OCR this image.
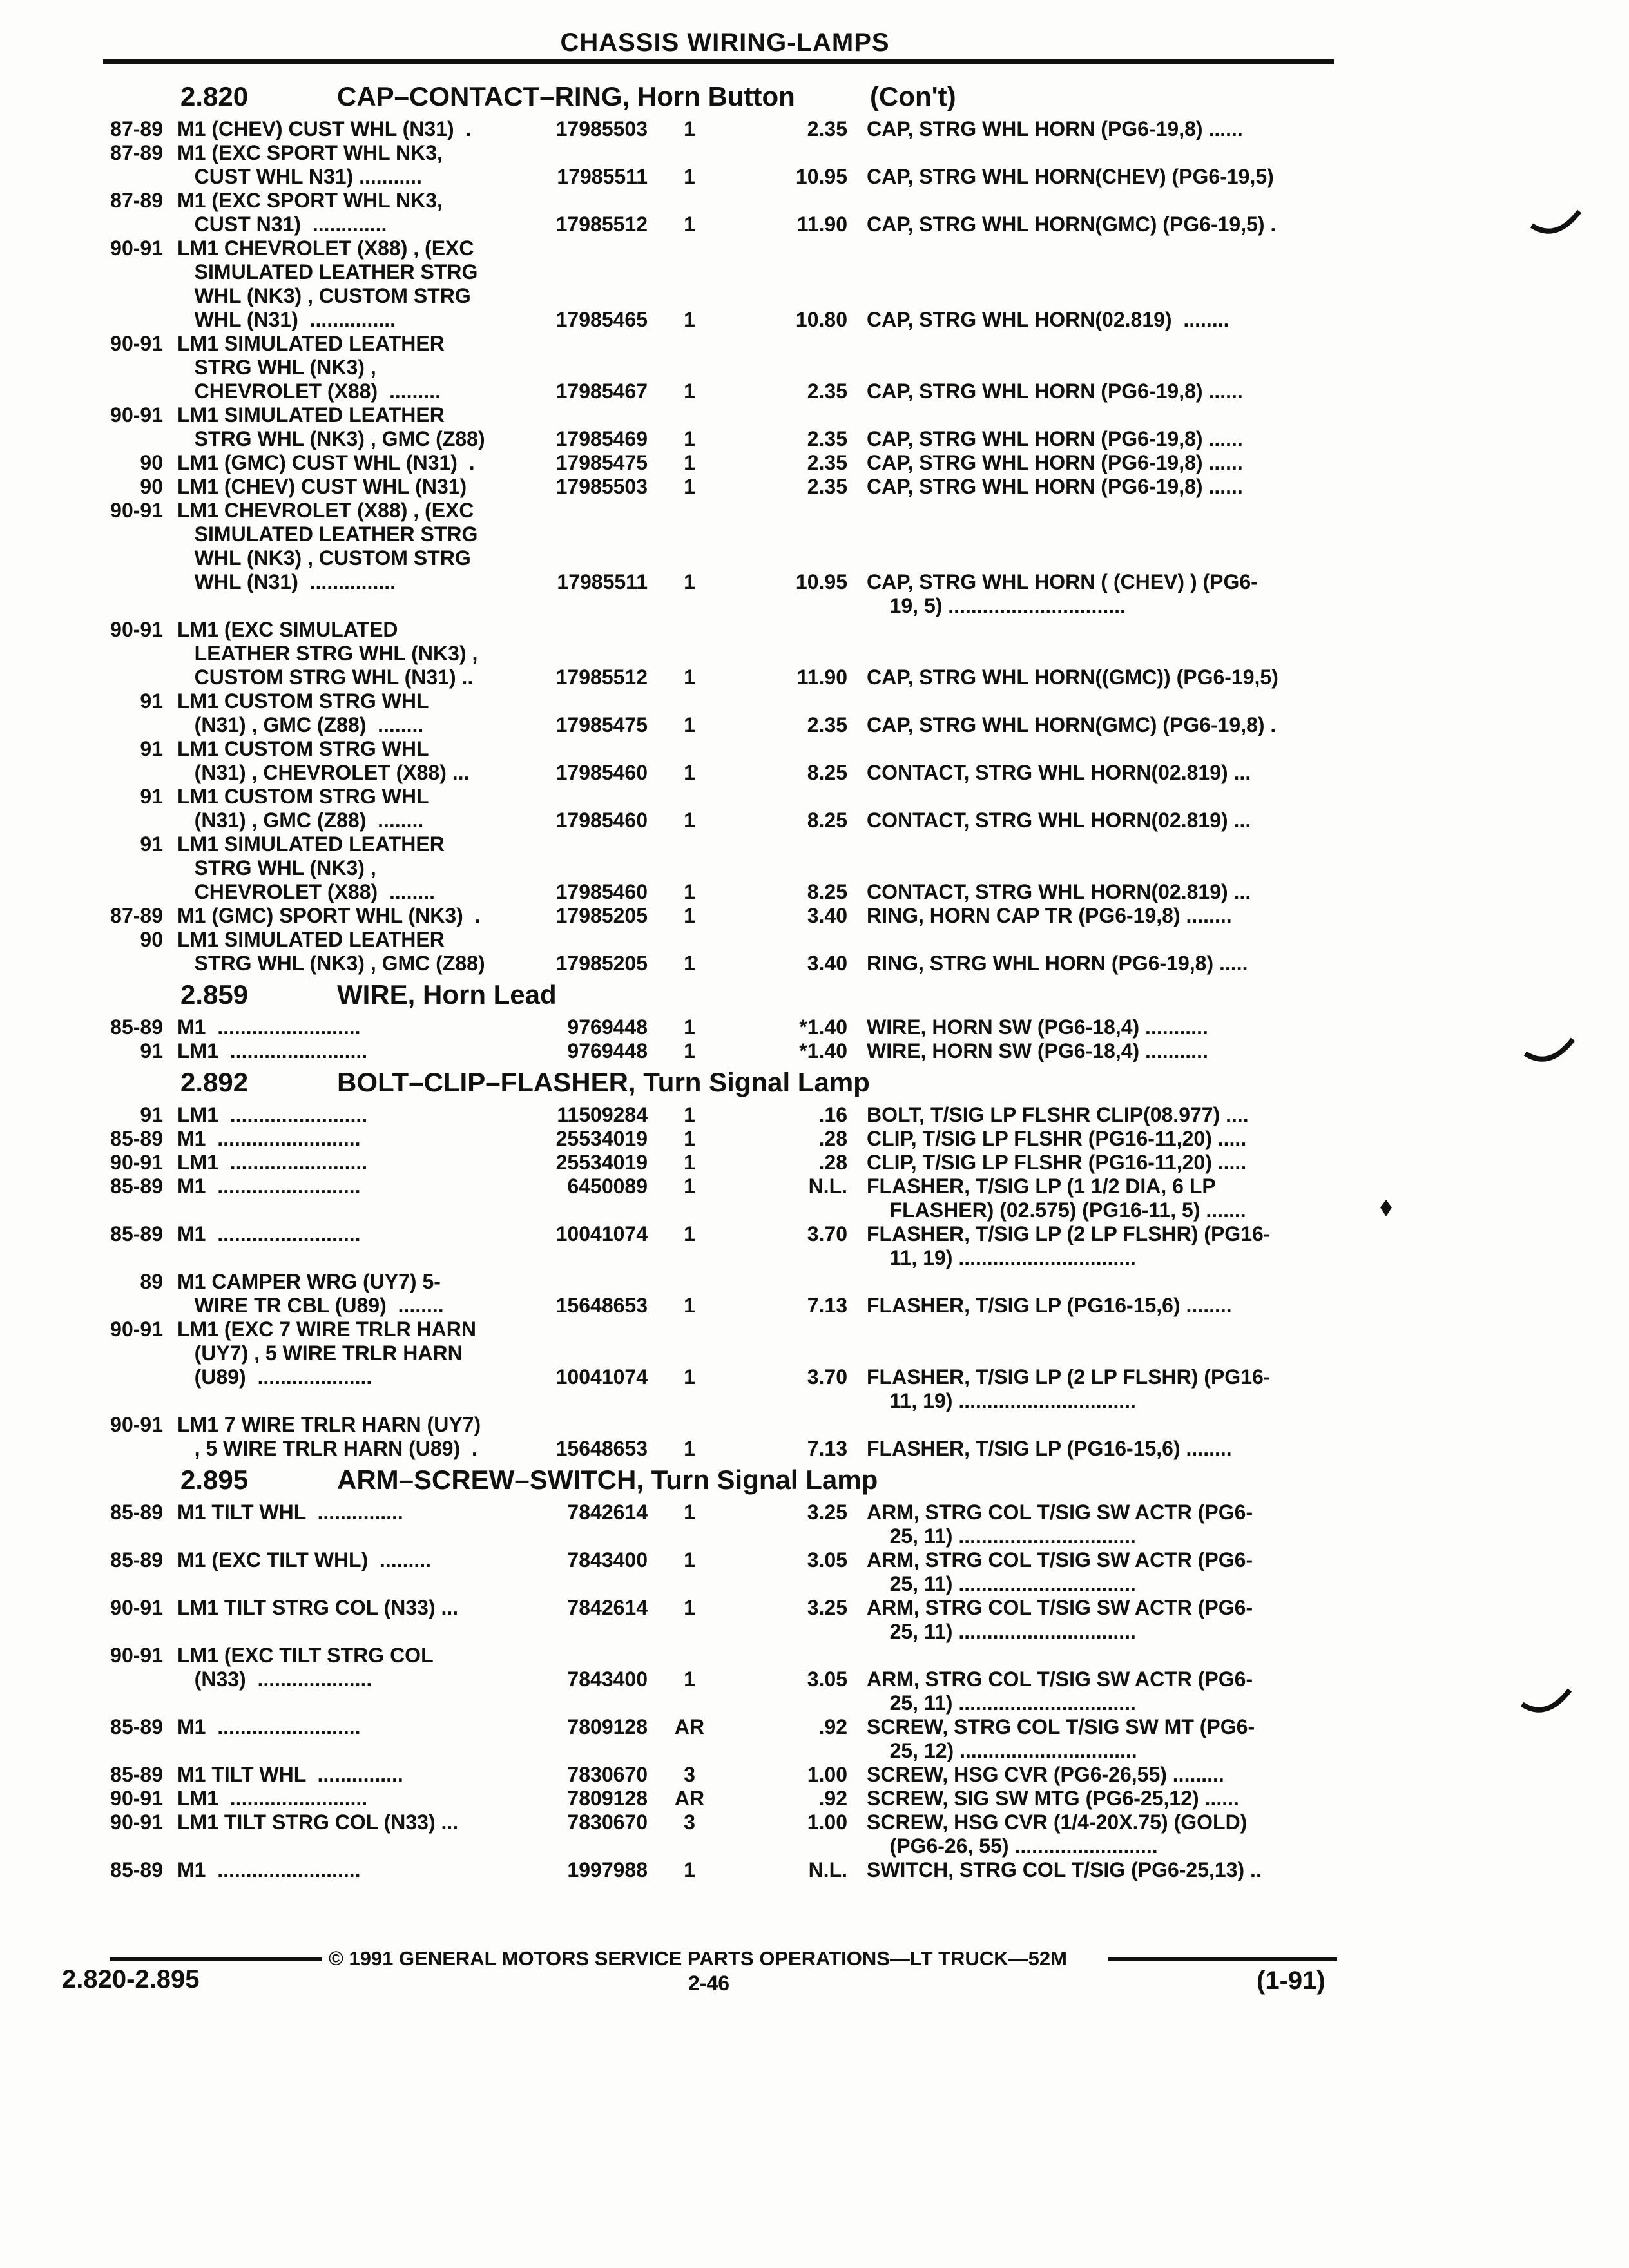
CHASSIS WIRING-LAMPS
2.820	CAP–CONTACT–RING, Horn Button	(Con't)
87-89 M1 (CHEV) CUST WHL (N31)  .	17985503	1	2.35 CAP, STRG WHL HORN (PG6-19,8) ......
87-89 M1 (EXC SPORT WHL NK3,
CUST WHL N31) ...........	17985511	1	10.95 CAP, STRG WHL HORN(CHEV) (PG6-19,5)
87-89 M1 (EXC SPORT WHL NK3,
CUST N31)  .............	17985512	1	11.90 CAP, STRG WHL HORN(GMC) (PG6-19,5) .
90-91 LM1 CHEVROLET (X88) , (EXC
SIMULATED LEATHER STRG
WHL (NK3) , CUSTOM STRG
WHL (N31)  ...............	17985465	1	10.80 CAP, STRG WHL HORN(02.819)  ........
90-91 LM1 SIMULATED LEATHER
STRG WHL (NK3) ,
CHEVROLET (X88)  .........	17985467	1	2.35 CAP, STRG WHL HORN (PG6-19,8) ......
90-91 LM1 SIMULATED LEATHER
STRG WHL (NK3) , GMC (Z88)	17985469	1	2.35 CAP, STRG WHL HORN (PG6-19,8) ......
90 LM1 (GMC) CUST WHL (N31)  .	17985475	1	2.35 CAP, STRG WHL HORN (PG6-19,8) ......
90 LM1 (CHEV) CUST WHL (N31)	17985503	1	2.35 CAP, STRG WHL HORN (PG6-19,8) ......
90-91 LM1 CHEVROLET (X88) , (EXC
SIMULATED LEATHER STRG
WHL (NK3) , CUSTOM STRG
WHL (N31)  ...............	17985511	1	10.95 CAP, STRG WHL HORN ( (CHEV) ) (PG6-
19, 5) ...............................
90-91 LM1 (EXC SIMULATED
LEATHER STRG WHL (NK3) ,
CUSTOM STRG WHL (N31) ..	17985512	1	11.90 CAP, STRG WHL HORN((GMC)) (PG6-19,5)
91 LM1 CUSTOM STRG WHL
(N31) , GMC (Z88)  ........	17985475	1	2.35 CAP, STRG WHL HORN(GMC) (PG6-19,8) .
91 LM1 CUSTOM STRG WHL
(N31) , CHEVROLET (X88) ...	17985460	1	8.25 CONTACT, STRG WHL HORN(02.819) ...
91 LM1 CUSTOM STRG WHL
(N31) , GMC (Z88)  ........	17985460	1	8.25 CONTACT, STRG WHL HORN(02.819) ...
91 LM1 SIMULATED LEATHER
STRG WHL (NK3) ,
CHEVROLET (X88)  ........	17985460	1	8.25 CONTACT, STRG WHL HORN(02.819) ...
87-89 M1 (GMC) SPORT WHL (NK3)  .	17985205	1	3.40 RING, HORN CAP TR (PG6-19,8) ........
90 LM1 SIMULATED LEATHER
STRG WHL (NK3) , GMC (Z88)	17985205	1	3.40 RING, STRG WHL HORN (PG6-19,8) .....
2.859	WIRE, Horn Lead
85-89 M1  .........................	9769448	1	*1.40 WIRE, HORN SW (PG6-18,4) ...........
91 LM1  ........................	9769448	1	*1.40 WIRE, HORN SW (PG6-18,4) ...........
2.892	BOLT–CLIP–FLASHER, Turn Signal Lamp
91 LM1  ........................	11509284	1	.16 BOLT, T/SIG LP FLSHR CLIP(08.977) ....
85-89 M1  .........................	25534019	1	.28 CLIP, T/SIG LP FLSHR (PG16-11,20) .....
90-91 LM1  ........................	25534019	1	.28 CLIP, T/SIG LP FLSHR (PG16-11,20) .....
85-89 M1  .........................	6450089	1	N.L. FLASHER, T/SIG LP (1 1/2 DIA, 6 LP
FLASHER) (02.575) (PG16-11, 5) .......
85-89 M1  .........................	10041074	1	3.70 FLASHER, T/SIG LP (2 LP FLSHR) (PG16-
11, 19) ...............................
89 M1 CAMPER WRG (UY7) 5-
WIRE TR CBL (U89)  ........	15648653	1	7.13 FLASHER, T/SIG LP (PG16-15,6) ........
90-91 LM1 (EXC 7 WIRE TRLR HARN
(UY7) , 5 WIRE TRLR HARN
(U89)  ....................	10041074	1	3.70 FLASHER, T/SIG LP (2 LP FLSHR) (PG16-
11, 19) ...............................
90-91 LM1 7 WIRE TRLR HARN (UY7)
, 5 WIRE TRLR HARN (U89)  .	15648653	1	7.13 FLASHER, T/SIG LP (PG16-15,6) ........
2.895	ARM–SCREW–SWITCH, Turn Signal Lamp
85-89 M1 TILT WHL  ...............	7842614	1	3.25 ARM, STRG COL T/SIG SW ACTR (PG6-
25, 11) ...............................
85-89 M1 (EXC TILT WHL)  .........	7843400	1	3.05 ARM, STRG COL T/SIG SW ACTR (PG6-
25, 11) ...............................
90-91 LM1 TILT STRG COL (N33) ...	7842614	1	3.25 ARM, STRG COL T/SIG SW ACTR (PG6-
25, 11) ...............................
90-91 LM1 (EXC TILT STRG COL
(N33)  ....................	7843400	1	3.05 ARM, STRG COL T/SIG SW ACTR (PG6-
25, 11) ...............................
85-89 M1  .........................	7809128	AR	.92 SCREW, STRG COL T/SIG SW MT (PG6-
25, 12) ...............................
85-89 M1 TILT WHL  ...............	7830670	3	1.00 SCREW, HSG CVR (PG6-26,55) .........
90-91 LM1  ........................	7809128	AR	.92 SCREW, SIG SW MTG (PG6-25,12) ......
90-91 LM1 TILT STRG COL (N33) ...	7830670	3	1.00 SCREW, HSG CVR (1/4-20X.75) (GOLD)
(PG6-26, 55) .........................
85-89 M1  .........................	1997988	1	N.L. SWITCH, STRG COL T/SIG (PG6-25,13) ..
© 1991 GENERAL MOTORS SERVICE PARTS OPERATIONS—LT TRUCK—52M
2.820-2.895	2-46	(1-91)
